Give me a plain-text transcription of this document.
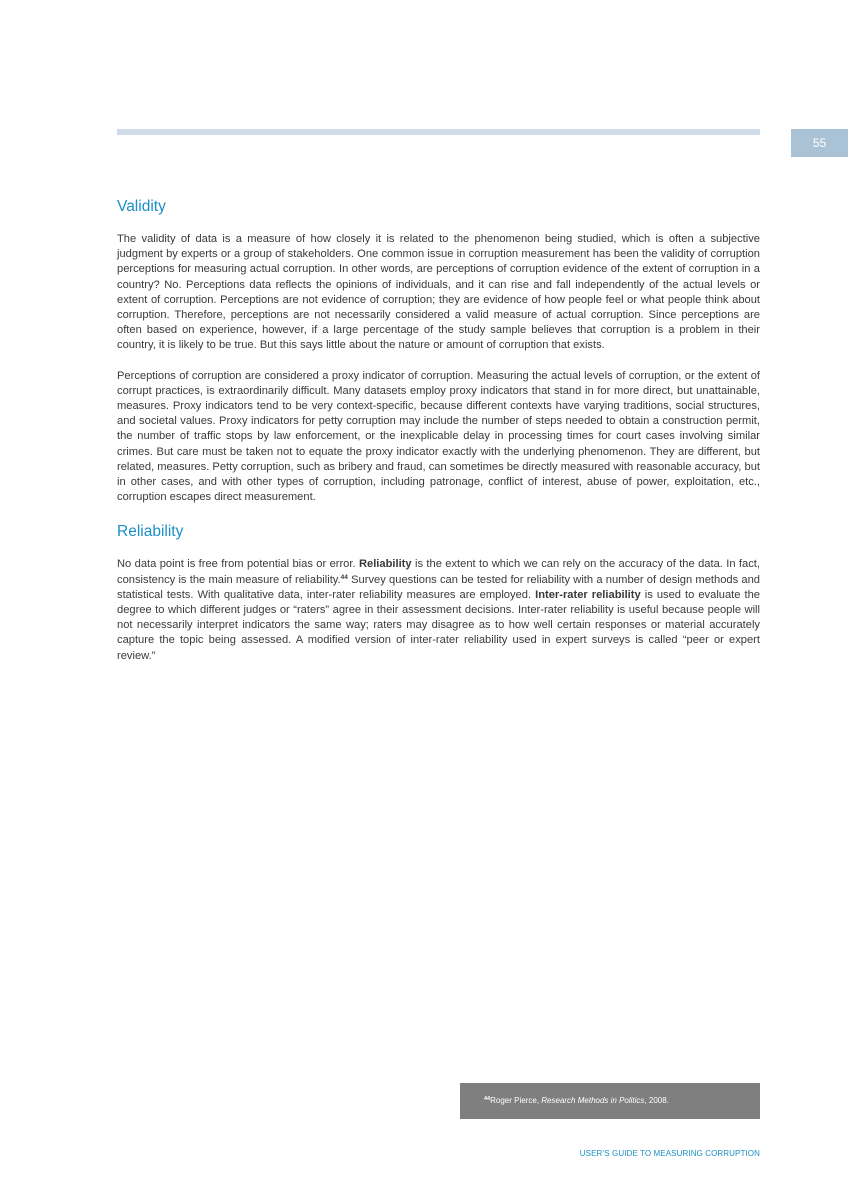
55
Validity

The validity of data is a measure of how closely it is related to the phenomenon being studied, which is often a subjective judgment by experts or a group of stakeholders. One common issue in corruption measurement has been the validity of corruption perceptions for measuring actual corruption. In other words, are perceptions of corruption evidence of the extent of corruption in a country? No. Perceptions data reflects the opinions of individuals, and it can rise and fall independently of the actual levels or extent of corruption. Perceptions are not evidence of corruption; they are evidence of how people feel or what people think about corruption. Therefore, perceptions are not necessarily considered a valid measure of actual corruption. Since perceptions are often based on experience, however, if a large percentage of the study sample believes that corruption is a problem in their country, it is likely to be true. But this says little about the nature or amount of corruption that exists.

Perceptions of corruption are considered a proxy indicator of corruption. Measuring the actual levels of corruption, or the extent of corrupt practices, is extraordinarily difficult. Many datasets employ proxy indicators that stand in for more direct, but unattainable, measures. Proxy indicators tend to be very context-specific, because different contexts have varying traditions, social structures, and societal values. Proxy indicators for petty corruption may include the number of steps needed to obtain a construction permit, the number of traffic stops by law enforcement, or the inexplicable delay in processing times for court cases involving similar crimes. But care must be taken not to equate the proxy indicator exactly with the underlying phenomenon. They are different, but related, measures. Petty corruption, such as bribery and fraud, can sometimes be directly measured with reasonable accuracy, but in other cases, and with other types of corruption, including patronage, conflict of interest, abuse of power, exploitation, etc., corruption escapes direct measurement.

Reliability

No data point is free from potential bias or error. Reliability is the extent to which we can rely on the accuracy of the data. In fact, consistency is the main measure of reliability.$^{44}$ Survey questions can be tested for reliability with a number of design methods and statistical tests. With qualitative data, inter-rater reliability measures are employed. Inter-rater reliability is used to evaluate the degree to which different judges or “raters” agree in their assessment decisions. Inter-rater reliability is useful because people will not necessarily interpret indicators the same way; raters may disagree as to how well certain responses or material accurately capture the topic being assessed. A modified version of inter-rater reliability used in expert surveys is called “peer or expert review.”

$^{44}$Roger Pierce, Research Methods in Politics, 2008.
USER’S GUIDE TO MEASURING CORRUPTION
